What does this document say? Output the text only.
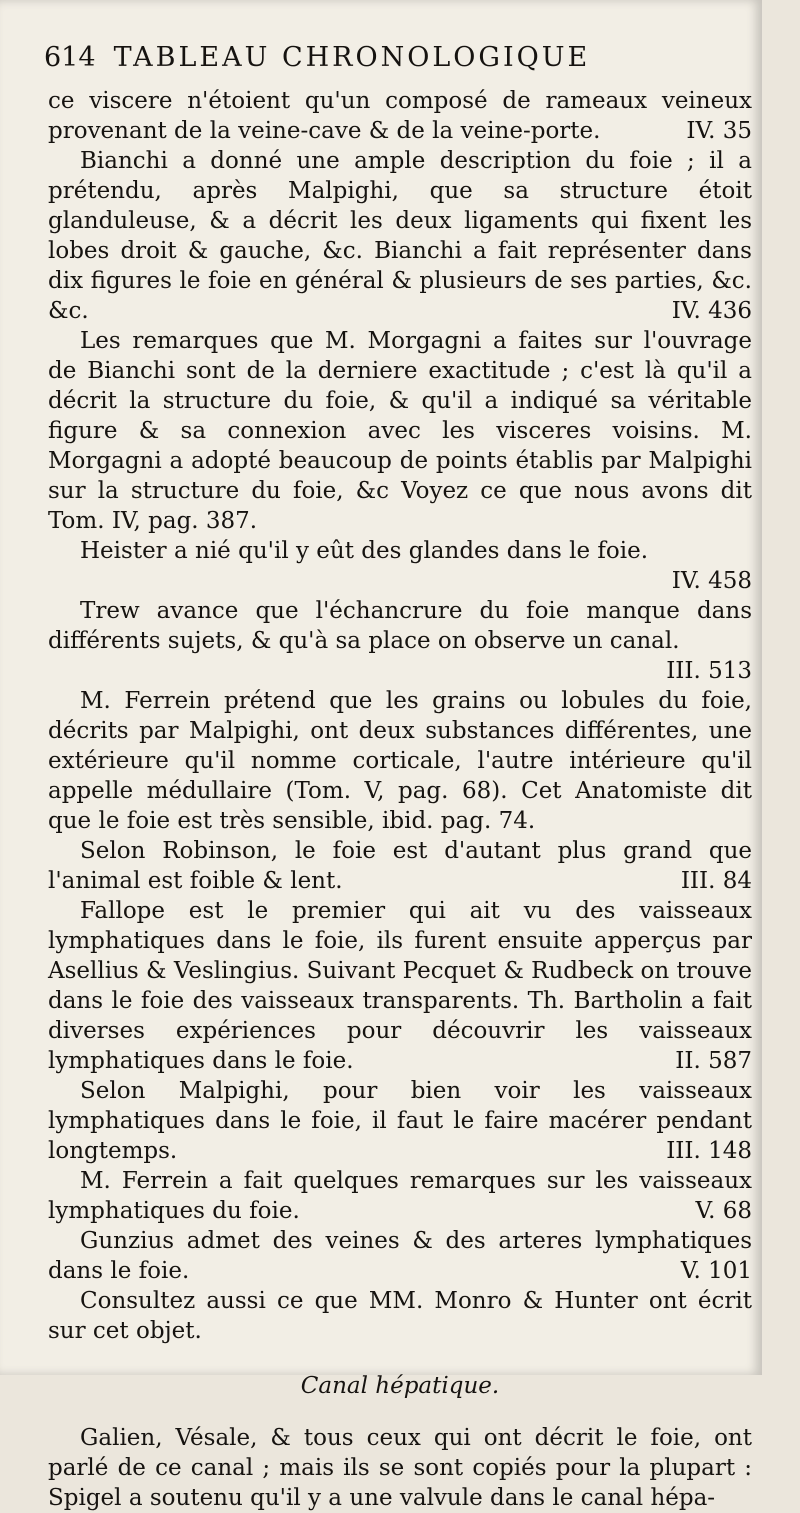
614 TABLEAU CHRONOLOGIQUE

ce viscere n'étoient qu'un composé de rameaux veineux provenant de la veine-cave & de la veine-porte.	IV. 35

Bianchi a donné une ample description du foie ; il a prétendu, après Malpighi, que sa structure étoit glanduleuse, & a décrit les deux ligaments qui fixent les lobes droit & gauche, &c. Bianchi a fait représenter dans dix figures le foie en général & plusieurs de ses parties, &c. &c.	IV. 436

Les remarques que M. Morgagni a faites sur l'ouvrage de Bianchi sont de la derniere exactitude ; c'est là qu'il a décrit la structure du foie, & qu'il a indiqué sa véritable figure & sa connexion avec les visceres voisins. M. Morgagni a adopté beaucoup de points établis par Malpighi sur la structure du foie, &c Voyez ce que nous avons dit Tom. IV, pag. 387.

Heister a nié qu'il y eût des glandes dans le foie.
IV. 458

Trew avance que l'échancrure du foie manque dans différents sujets, & qu'à sa place on observe un canal.
III. 513

M. Ferrein prétend que les grains ou lobules du foie, décrits par Malpighi, ont deux substances différentes, une extérieure qu'il nomme corticale, l'autre intérieure qu'il appelle médullaire (Tom. V, pag. 68). Cet Anatomiste dit que le foie est très sensible, ibid. pag. 74.

Selon Robinson, le foie est d'autant plus grand que l'animal est foible & lent.	III. 84

Fallope est le premier qui ait vu des vaisseaux lymphatiques dans le foie, ils furent ensuite apperçus par Asellius & Veslingius. Suivant Pecquet & Rudbeck on trouve dans le foie des vaisseaux transparents. Th. Bartholin a fait diverses expériences pour découvrir les vaisseaux lymphatiques dans le foie.	II. 587

Selon Malpighi, pour bien voir les vaisseaux lymphatiques dans le foie, il faut le faire macérer pendant longtemps.	III. 148

M. Ferrein a fait quelques remarques sur les vaisseaux lymphatiques du foie.	V. 68

Gunzius admet des veines & des arteres lymphatiques dans le foie.	V. 101

Consultez aussi ce que MM. Monro & Hunter ont écrit sur cet objet.

Canal hépatique.

Galien, Vésale, & tous ceux qui ont décrit le foie, ont parlé de ce canal ; mais ils se sont copiés pour la plupart : Spigel a soutenu qu'il y a une valvule dans le canal hépa-
